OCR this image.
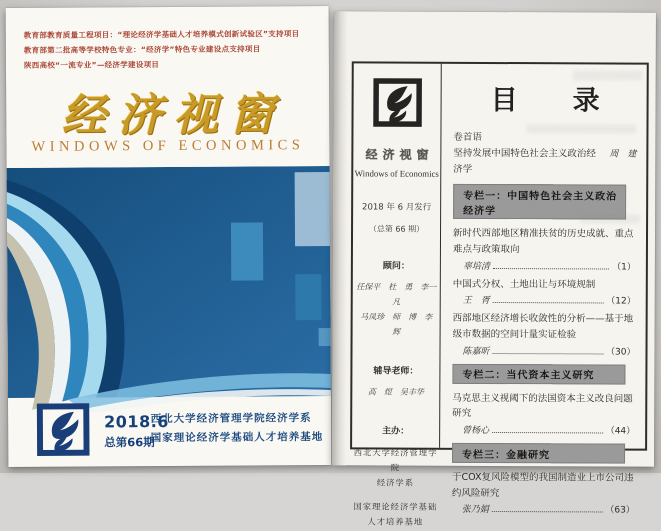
教育部教育质量工程项目：“理论经济学基础人才培养模式创新试验区”支持项目
教育部第二批高等学校特色专业：“经济学”特色专业建设点支持项目
陕西高校“一流专业”—经济学建设项目
经济视窗
WINDOWS OF ECONOMICS
2018.6
总第66期
西北大学经济管理学院经济学系
国家理论经济学基础人才培养基地
经济视窗
Windows of Economics
2018 年 6 月发行
（总第 66 期）
顾问：
任保平　杜　勇　李一凡
马凤珍　师　博　李　辉
辅导老师：
高　煜　吴丰华
主办：
西北大学经济管理学院
经济学系
国家理论经济学基础
人才培养基地
目　录
卷首语
坚持发展中国特色社会主义政治经济学
周　建
专栏一：中国特色社会主义政治经济学
新时代西部地区精准扶贫的历史成就、重点难点与政策取向
辜培清	（1）
中国式分权、土地出让与环境规制
王　胥	（12）
西部地区经济增长收敛性的分析——基于地级市数据的空间计量实证检验
陈嘉昕	（30）
专栏二：当代资本主义研究
马克思主义视阈下的法国资本主义改良问题研究
曾杨心	（44）
专栏三：金融研究
于COX复风险模型的我国制造业上市公司违约风险研究
张乃娟	（63）
